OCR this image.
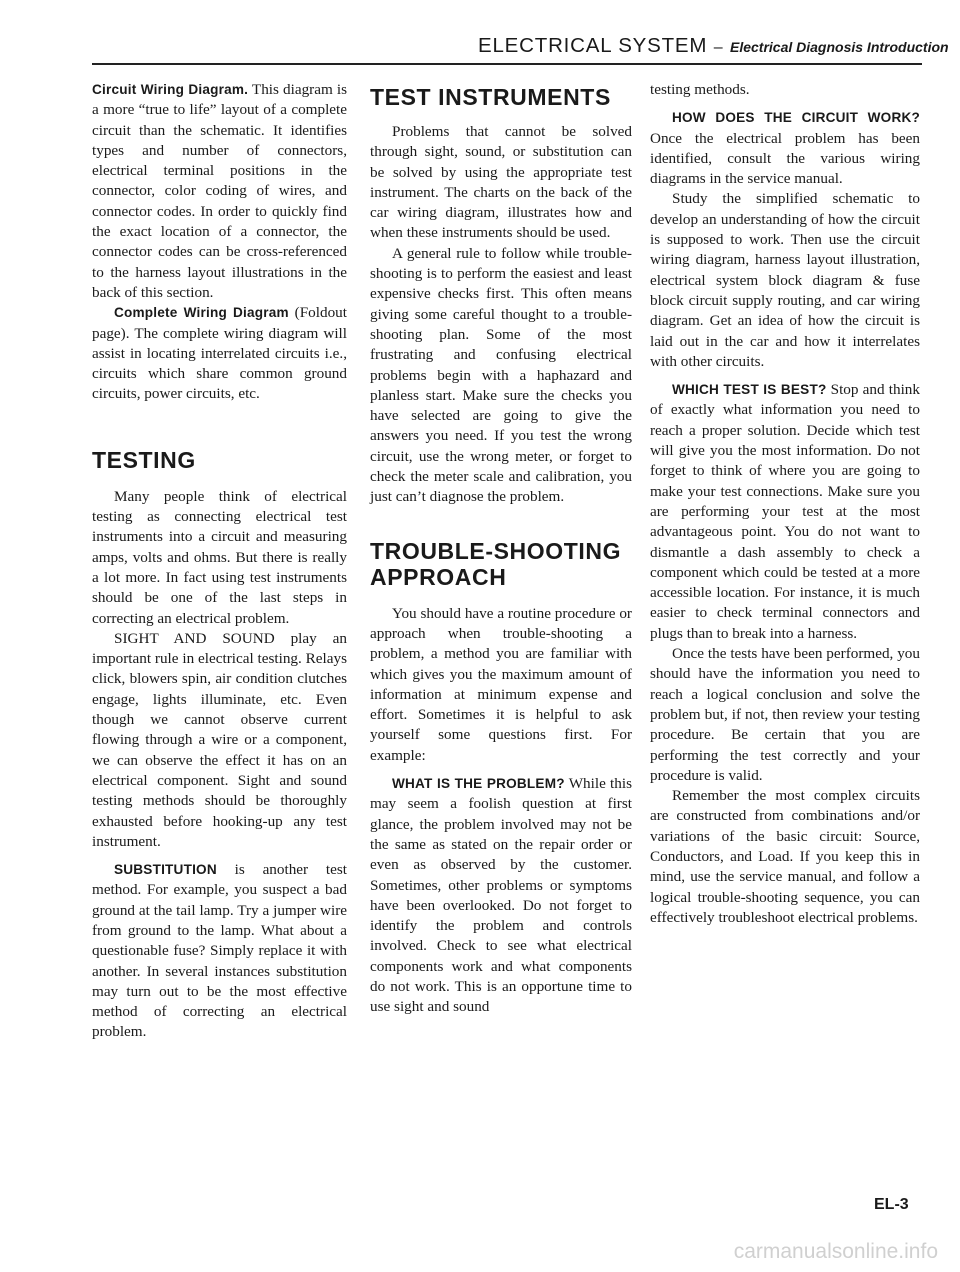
ELECTRICAL SYSTEM – Electrical Diagnosis Introduction

Circuit Wiring Diagram. This diagram is a more “true to life” layout of a complete circuit than the schematic. It identifies types and number of connectors, electrical terminal positions in the connector, color coding of wires, and connector codes. In order to quickly find the exact location of a connector, the connector codes can be cross-referenced to the harness layout illustrations in the back of this section.

Complete Wiring Diagram (Foldout page). The complete wiring diagram will assist in locating interrelated circuits i.e., circuits which share common ground circuits, power circuits, etc.

TESTING

Many people think of electrical testing as connecting electrical test instruments into a circuit and measuring amps, volts and ohms. But there is really a lot more. In fact using test instruments should be one of the last steps in correcting an electrical problem.

SIGHT AND SOUND play an important rule in electrical testing. Relays click, blowers spin, air condition clutches engage, lights illuminate, etc. Even though we cannot observe current flowing through a wire or a component, we can observe the effect it has on an electrical component. Sight and sound testing methods should be thoroughly exhausted before hooking-up any test instrument.

SUBSTITUTION is another test method. For example, you suspect a bad ground at the tail lamp. Try a jumper wire from ground to the lamp. What about a questionable fuse? Simply replace it with another. In several instances substitution may turn out to be the most effective method of correcting an electrical problem.

TEST INSTRUMENTS

Problems that cannot be solved through sight, sound, or substitution can be solved by using the appropriate test instrument. The charts on the back of the car wiring diagram, illustrates how and when these instruments should be used.

A general rule to follow while trouble-shooting is to perform the easiest and least expensive checks first. This often means giving some careful thought to a trouble-shooting plan. Some of the most frustrating and confusing electrical problems begin with a haphazard and planless start. Make sure the checks you have selected are going to give the answers you need. If you test the wrong circuit, use the wrong meter, or forget to check the meter scale and calibration, you just can’t diagnose the problem.

TROUBLE-SHOOTING
APPROACH

You should have a routine procedure or approach when trouble-shooting a problem, a method you are familiar with which gives you the maximum amount of information at minimum expense and effort. Sometimes it is helpful to ask yourself some questions first. For example:

WHAT IS THE PROBLEM? While this may seem a foolish question at first glance, the problem involved may not be the same as stated on the repair order or even as observed by the customer. Sometimes, other problems or symptoms have been overlooked. Do not forget to identify the problem and controls involved. Check to see what electrical components work and what components do not work. This is an opportune time to use sight and sound

testing methods.

HOW DOES THE CIRCUIT WORK? Once the electrical problem has been identified, consult the various wiring diagrams in the service manual.

Study the simplified schematic to develop an understanding of how the circuit is supposed to work. Then use the circuit wiring diagram, harness layout illustration, electrical system block diagram & fuse block circuit supply routing, and car wiring diagram. Get an idea of how the circuit is laid out in the car and how it interrelates with other circuits.

WHICH TEST IS BEST? Stop and think of exactly what information you need to reach a proper solution. Decide which test will give you the most information. Do not forget to think of where you are going to make your test connections. Make sure you are performing your test at the most advantageous point. You do not want to dismantle a dash assembly to check a component which could be tested at a more accessible location. For instance, it is much easier to check terminal connectors and plugs than to break into a harness.

Once the tests have been performed, you should have the information you need to reach a logical conclusion and solve the problem but, if not, then review your testing procedure. Be certain that you are performing the test correctly and your procedure is valid.

Remember the most complex circuits are constructed from combinations and/or variations of the basic circuit: Source, Conductors, and Load. If you keep this in mind, use the service manual, and follow a logical trouble-shooting sequence, you can effectively troubleshoot electrical problems.

EL-3
carmanualsonline.info
